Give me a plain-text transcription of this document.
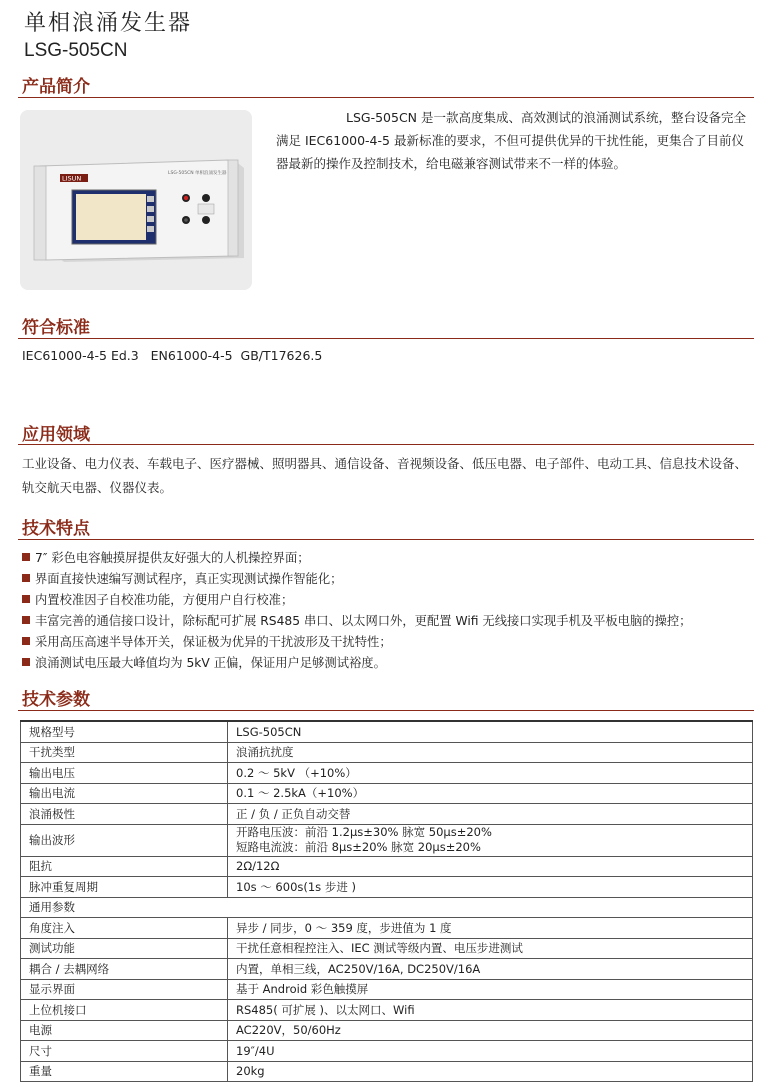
单相浪涌发生器
LSG-505CN
产品简介
LISUN
LSG-505CN 单相浪涌发生器
LSG-505CN 是一款高度集成、高效测试的浪涌测试系统，整台设备完全满足 IEC61000-4-5 最新标准的要求，不但可提供优异的干扰性能，更集合了目前仪器最新的操作及控制技术，给电磁兼容测试带来不一样的体验。
符合标准
IEC61000-4-5 Ed.3   EN61000-4-5  GB/T17626.5
应用领域
工业设备、电力仪表、车载电子、医疗器械、照明器具、通信设备、音视频设备、低压电器、电子部件、电动工具、信息技术设备、轨交航天电器、仪器仪表。
技术特点
7″ 彩色电容触摸屏提供友好强大的人机操控界面；
界面直接快速编写测试程序，真正实现测试操作智能化；
内置校准因子自校准功能，方便用户自行校准；
丰富完善的通信接口设计，除标配可扩展 RS485 串口、以太网口外，更配置 Wifi 无线接口实现手机及平板电脑的操控；
采用高压高速半导体开关，保证极为优异的干扰波形及干扰特性；
浪涌测试电压最大峰值均为 5kV 正偏，保证用户足够测试裕度。
技术参数
规格型号	LSG-505CN
干扰类型	浪涌抗扰度
输出电压	0.2 ～ 5kV （+10%）
输出电流	0.1 ～ 2.5kA（+10%）
浪涌极性	正 / 负 / 正负自动交替
输出波形	开路电压波：前沿 1.2μs±30% 脉宽 50μs±20%
短路电流波：前沿 8μs±20% 脉宽 20μs±20%

阻抗	2Ω/12Ω
脉冲重复周期	10s ～ 600s(1s 步进 )
通用参数	
角度注入	异步 / 同步，0 ～ 359 度，步进值为 1 度
测试功能	干扰任意相程控注入、IEC 测试等级内置、电压步进测试
耦合 / 去耦网络	内置，单相三线，AC250V/16A, DC250V/16A
显示界面	基于 Android 彩色触摸屏
上位机接口	RS485( 可扩展 )、以太网口、Wifi
电源	AC220V，50/60Hz
尺寸	19″/4U
重量	20kg
